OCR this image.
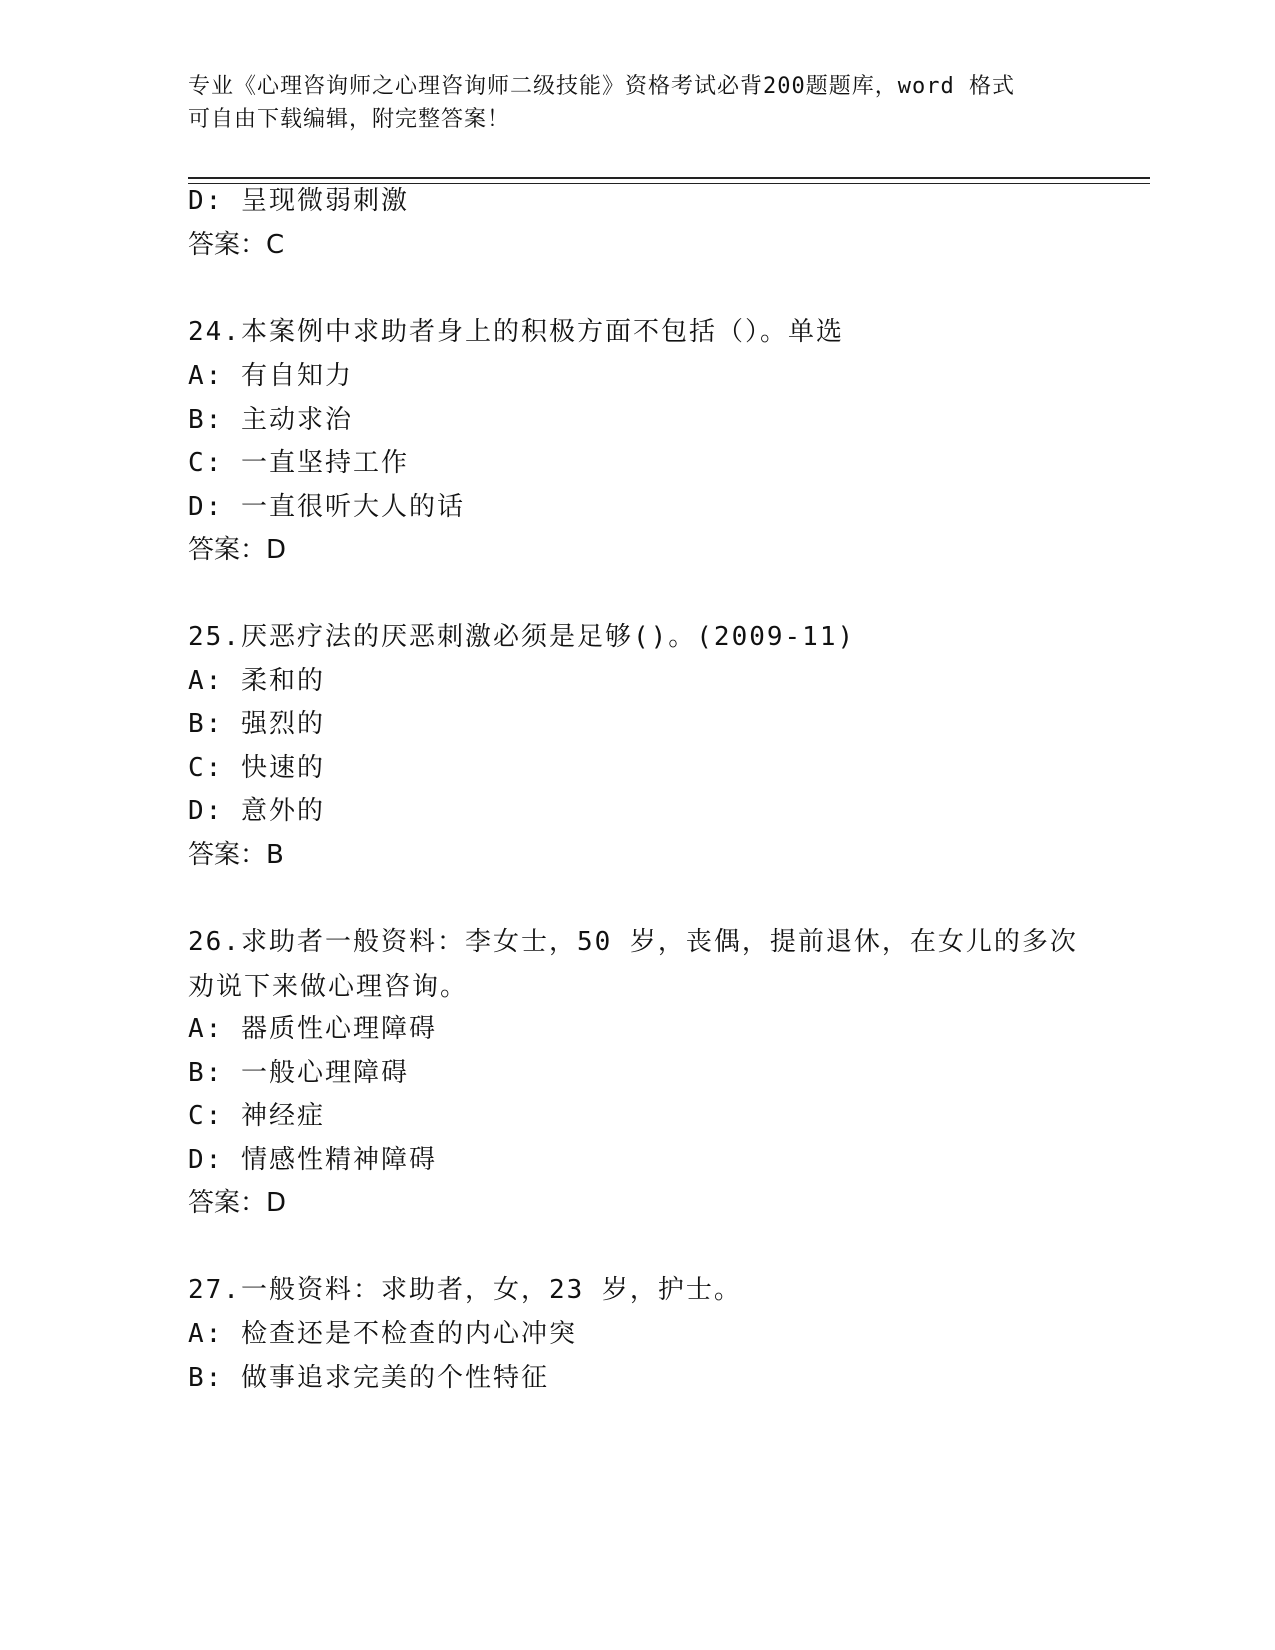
专业《心理咨询师之心理咨询师二级技能》资格考试必背200题题库，word 格式
可自由下载编辑，附完整答案！
D: 呈现微弱刺激
答案：C
24.本案例中求助者身上的积极方面不包括（）。单选
A: 有自知力
B: 主动求治
C: 一直坚持工作
D: 一直很听大人的话
答案：D
25.厌恶疗法的厌恶刺激必须是足够()。(2009-11)
A: 柔和的
B: 强烈的
C: 快速的
D: 意外的
答案：B
26.求助者一般资料：李女士，50 岁，丧偶，提前退休，在女儿的多次劝说下来做心理咨询。
A: 器质性心理障碍
B: 一般心理障碍
C: 神经症
D: 情感性精神障碍
答案：D
27.一般资料：求助者，女，23 岁，护士。
A: 检查还是不检查的内心冲突
B: 做事追求完美的个性特征
